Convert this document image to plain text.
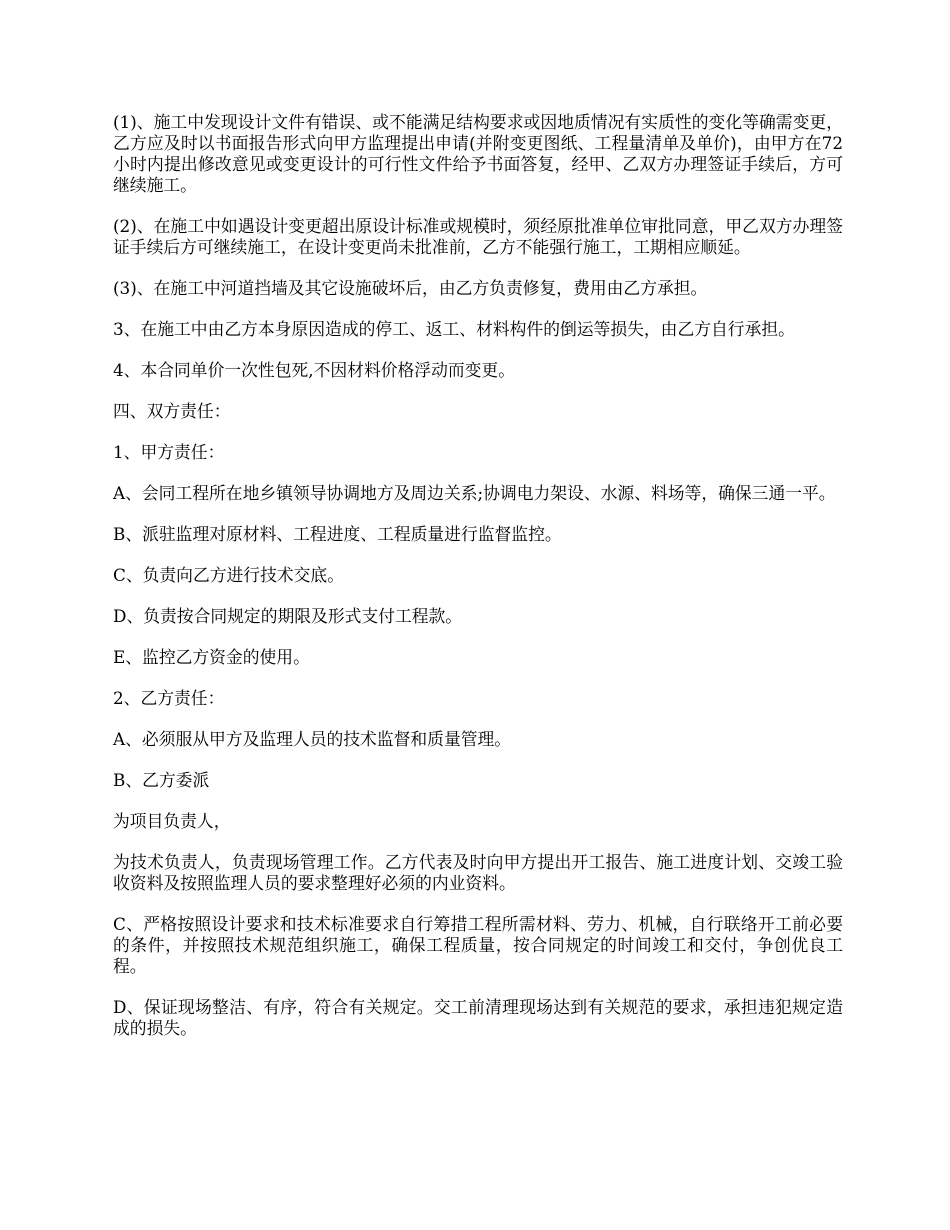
(1)、施工中发现设计文件有错误、或不能满足结构要求或因地质情况有实质性的变化等确需变更，乙方应及时以书面报告形式向甲方监理提出申请(并附变更图纸、工程量清单及单价)，由甲方在72小时内提出修改意见或变更设计的可行性文件给予书面答复，经甲、乙双方办理签证手续后，方可继续施工。

(2)、在施工中如遇设计变更超出原设计标准或规模时，须经原批准单位审批同意，甲乙双方办理签证手续后方可继续施工，在设计变更尚未批准前，乙方不能强行施工，工期相应顺延。

(3)、在施工中河道挡墙及其它设施破坏后，由乙方负责修复，费用由乙方承担。

3、在施工中由乙方本身原因造成的停工、返工、材料构件的倒运等损失，由乙方自行承担。

4、本合同单价一次性包死,不因材料价格浮动而变更。

四、双方责任：

1、甲方责任：

A、会同工程所在地乡镇领导协调地方及周边关系;协调电力架设、水源、料场等，确保三通一平。

B、派驻监理对原材料、工程进度、工程质量进行监督监控。

C、负责向乙方进行技术交底。

D、负责按合同规定的期限及形式支付工程款。

E、监控乙方资金的使用。

2、乙方责任：

A、必须服从甲方及监理人员的技术监督和质量管理。

B、乙方委派

为项目负责人，

为技术负责人，负责现场管理工作。乙方代表及时向甲方提出开工报告、施工进度计划、交竣工验收资料及按照监理人员的要求整理好必须的内业资料。

C、严格按照设计要求和技术标准要求自行筹措工程所需材料、劳力、机械，自行联络开工前必要的条件，并按照技术规范组织施工，确保工程质量，按合同规定的时间竣工和交付，争创优良工程。

D、保证现场整洁、有序，符合有关规定。交工前清理现场达到有关规范的要求，承担违犯规定造成的损失。
